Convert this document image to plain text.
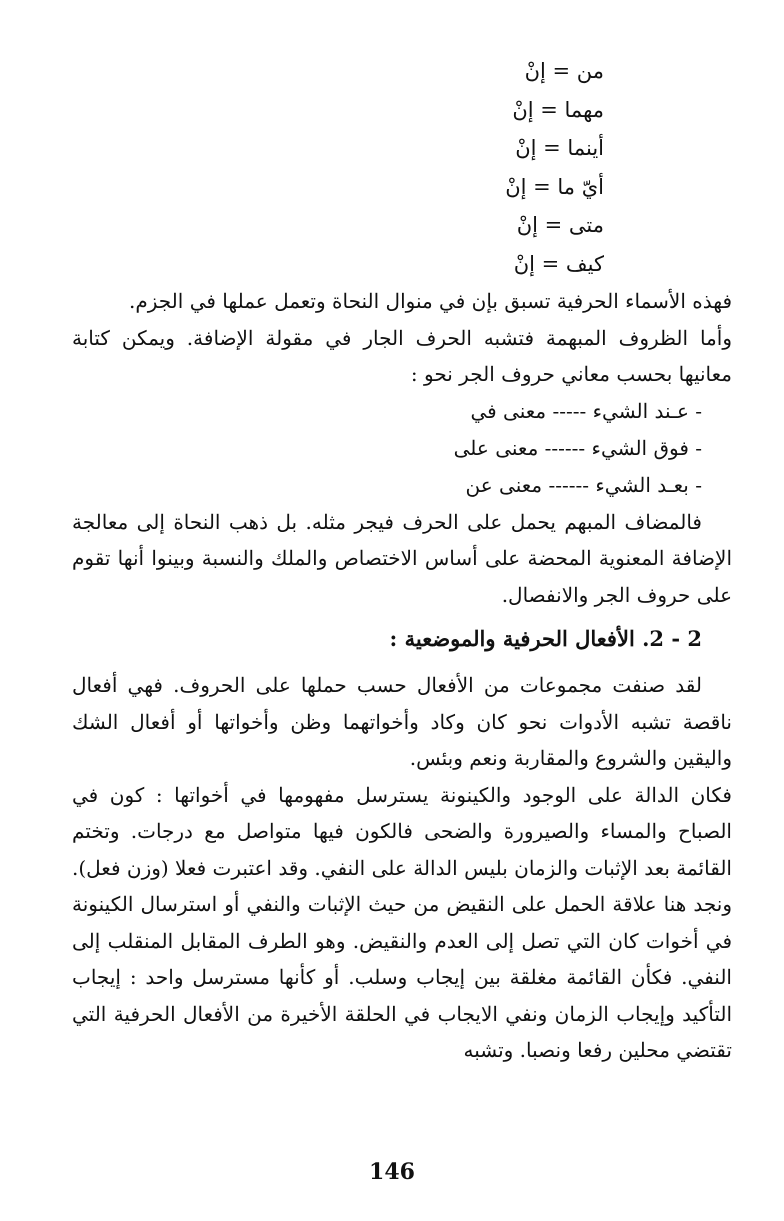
من = إنْ
مهما = إنْ
أينما = إنْ
أيّ ما = إنْ
متى = إنْ
كيف = إنْ

فهذه الأسماء الحرفية تسبق بإن في منوال النحاة وتعمل عملها في الجزم.

وأما الظروف المبهمة فتشبه الحرف الجار في مقولة الإضافة. ويمكن كتابة معانيها بحسب معاني حروف الجر نحو :

- عـند الشيء ----- معنى في
- فوق الشيء ------ معنى على
- بعـد الشيء ------ معنى عن

فالمضاف المبهم يحمل على الحرف فيجر مثله. بل ذهب النحاة إلى معالجة الإضافة المعنوية المحضة على أساس الاختصاص والملك والنسبة وبينوا أنها تقوم على حروف الجر والانفصال.

2 - 2. الأفعال الحرفية والموضعية :

لقد صنفت مجموعات من الأفعال حسب حملها على الحروف. فهي أفعال ناقصة تشبه الأدوات نحو كان وكاد وأخواتهما وظن وأخواتها أو أفعال الشك واليقين والشروع والمقاربة ونعم وبئس.

فكان الدالة على الوجود والكينونة يسترسل مفهومها في أخواتها : كون في الصباح والمساء والصيرورة والضحى فالكون فيها متواصل مع درجات. وتختم القائمة بعد الإثبات والزمان بليس الدالة على النفي. وقد اعتبرت فعلا (وزن فعل). ونجد هنا علاقة الحمل على النقيض من حيث الإثبات والنفي أو استرسال الكينونة في أخوات كان التي تصل إلى العدم والنقيض. وهو الطرف المقابل المنقلب إلى النفي. فكأن القائمة مغلقة بين إيجاب وسلب. أو كأنها مسترسل واحد : إيجاب التأكيد وإيجاب الزمان ونفي الايجاب في الحلقة الأخيرة من الأفعال الحرفية التي تقتضي محلين رفعا ونصبا. وتشبه

146
